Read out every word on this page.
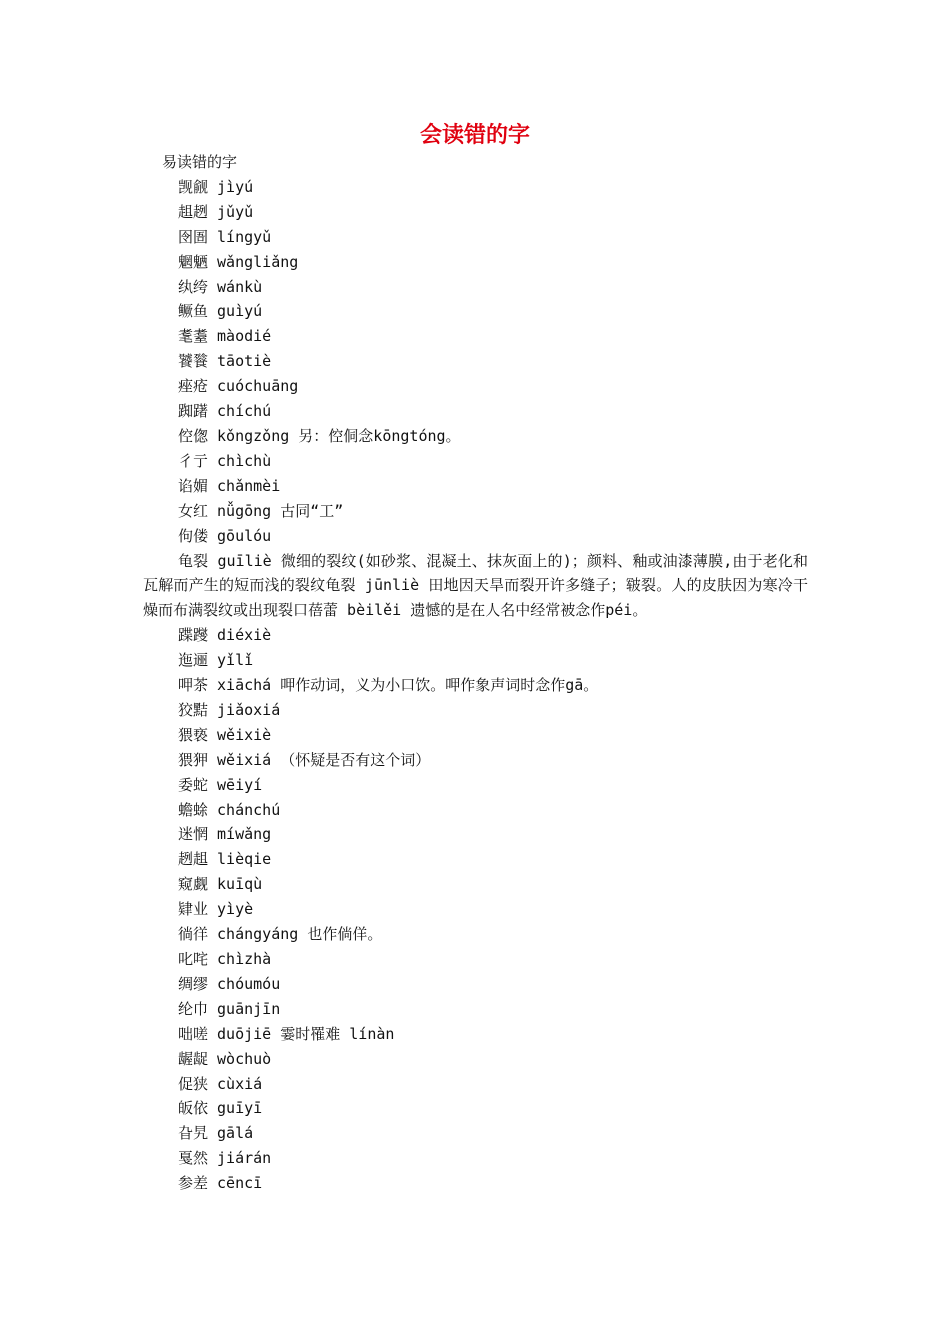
会读错的字
易读错的字
觊觎 jìyú
趄趔 jǔyǔ
囹圄 língyǔ
魍魉 wǎngliǎng
纨绔 wánkù
鳜鱼 guìyú
耄耋 màodié
饕餮 tāotiè
痤疮 cuóchuāng
踟躇 chíchú
倥偬 kǒngzǒng 另：倥侗念kōngtóng。
彳亍 chìchù
谄媚 chǎnmèi
女红 nǚgōng 古同“工”
佝偻 gōulóu
龟裂 guīliè 微细的裂纹(如砂浆、混凝土、抹灰面上的)；颜料、釉或油漆薄膜,由于老化和瓦解而产生的短而浅的裂纹龟裂 jūnliè 田地因天旱而裂开许多缝子；皲裂。人的皮肤因为寒冷干燥而布满裂纹或出现裂口蓓蕾 bèilěi 遗憾的是在人名中经常被念作péi。
蹀躞 diéxiè
迤逦 yǐlǐ
呷茶 xiāchá 呷作动词，义为小口饮。呷作象声词时念作gā。
狡黠 jiǎoxiá
猥亵 wěixiè
猥狎 wěixiá （怀疑是否有这个词）
委蛇 wēiyí
蟾蜍 chánchú
迷惘 míwǎng
趔趄 lièqie
窥觑 kuīqù
肄业 yìyè
徜徉 chángyáng 也作倘佯。
叱咤 chìzhà
绸缪 chóumóu
纶巾 guānjīn
咄嗟 duōjiē 霎时罹难 línàn
龌龊 wòchuò
促狭 cùxiá
皈依 guīyī
旮旯 gālá
戛然 jiárán
参差 cēncī
